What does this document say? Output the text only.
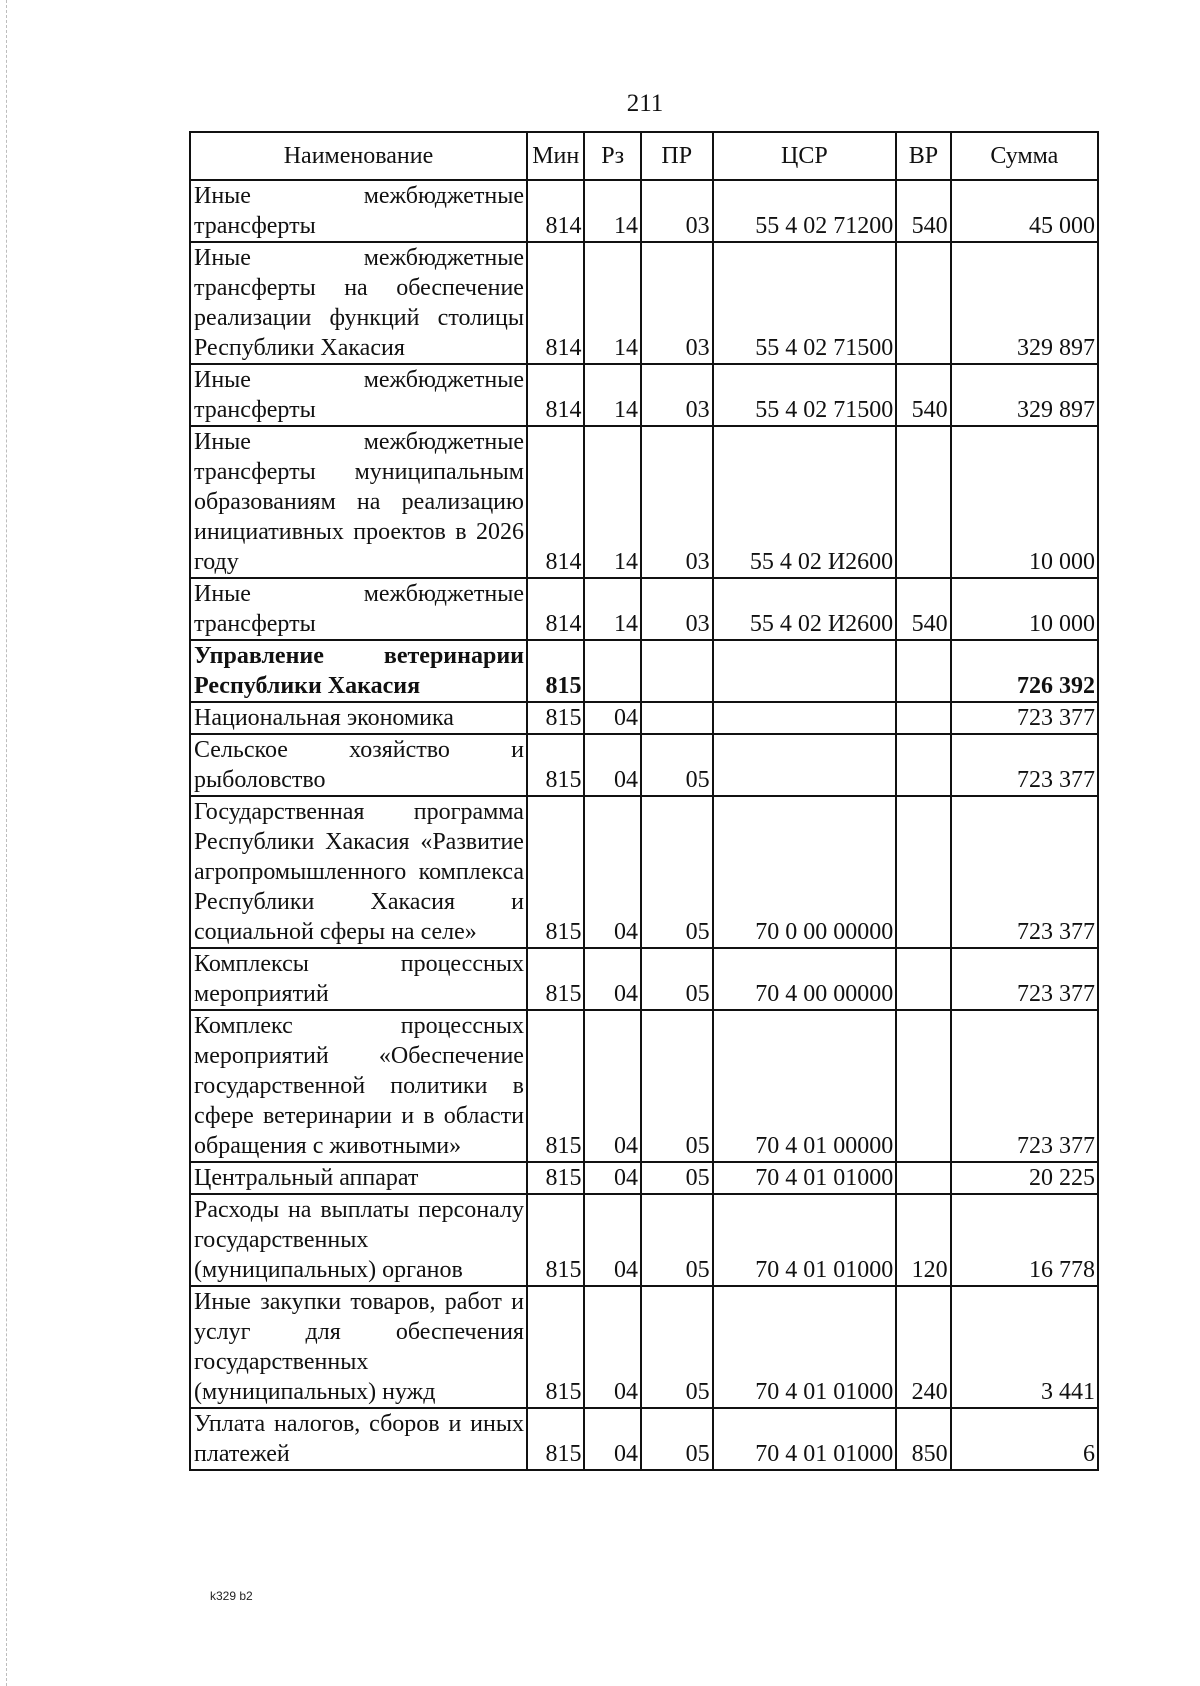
211
Наименование	Мин	Рз	ПР	ЦСР	ВР	Сумма
Иные межбюджетные трансферты	814	14	03	55 4 02 71200	540	45 000
Иные межбюджетные трансферты на обеспечение реализации функций столицы Республики Хакасия	814	14	03	55 4 02 71500		329 897
Иные межбюджетные трансферты	814	14	03	55 4 02 71500	540	329 897
Иные межбюджетные трансферты муниципальным образованиям на реализацию инициативных проектов в 2026 году	814	14	03	55 4 02 И2600		10 000
Иные межбюджетные трансферты	814	14	03	55 4 02 И2600	540	10 000
Управление ветеринарии Республики Хакасия	815					726 392
Национальная экономика	815	04				723 377
Сельское хозяйство и рыболовство	815	04	05			723 377
Государственная программа Республики Хакасия «Развитие агропромышленного комплекса Республики Хакасия и социальной сферы на селе»	815	04	05	70 0 00 00000		723 377
Комплексы процессных мероприятий	815	04	05	70 4 00 00000		723 377
Комплекс процессных мероприятий «Обеспечение государственной политики в сфере ветеринарии и в области обращения с животными»	815	04	05	70 4 01 00000		723 377
Центральный аппарат	815	04	05	70 4 01 01000		20 225
Расходы на выплаты персоналу государственных (муниципальных) органов	815	04	05	70 4 01 01000	120	16 778
Иные закупки товаров, работ и услуг для обеспечения государственных (муниципальных) нужд	815	04	05	70 4 01 01000	240	3 441
Уплата налогов, сборов и иных платежей	815	04	05	70 4 01 01000	850	6
k329 b2
